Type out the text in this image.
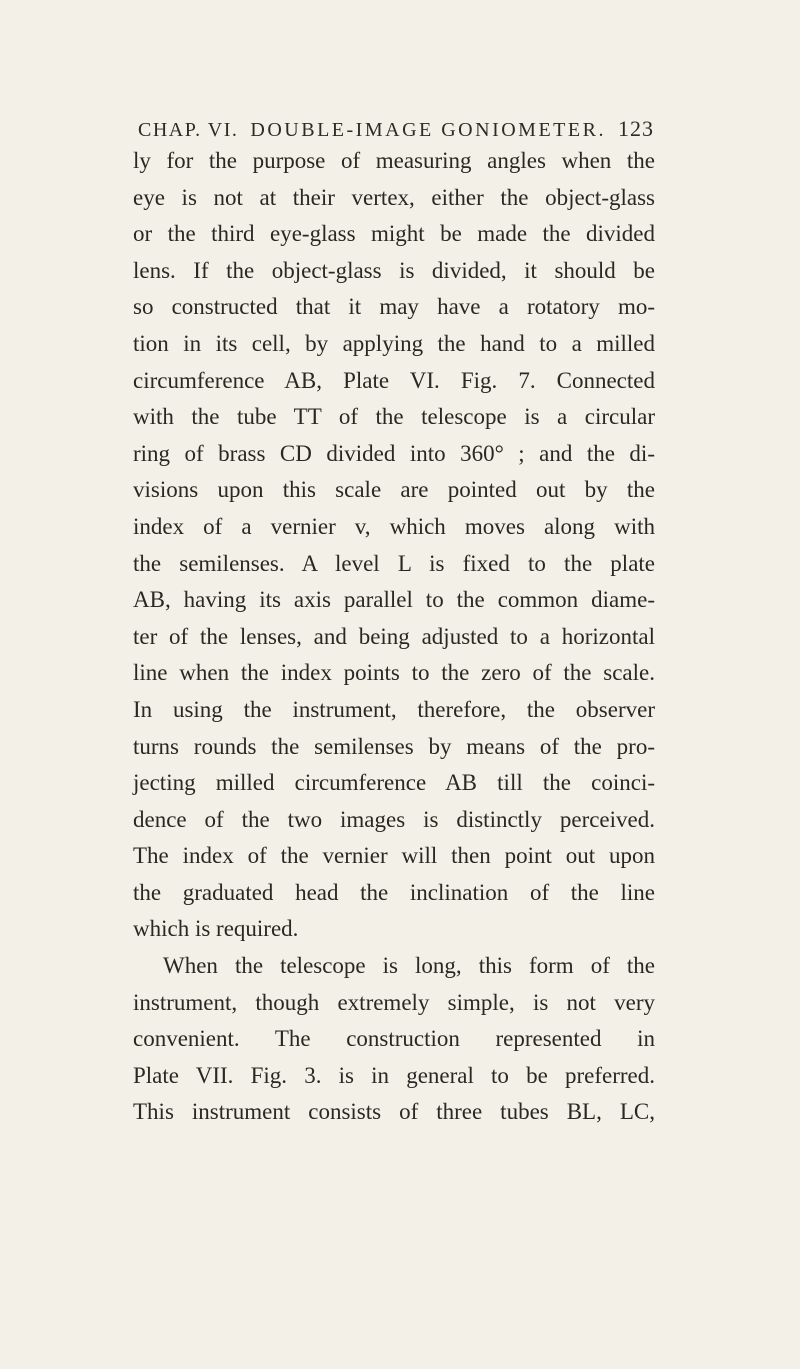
CHAP. VI. DOUBLE-IMAGE GONIOMETER. 123
ly for the purpose of measuring angles when the
eye is not at their vertex, either the object-glass
or the third eye-glass might be made the divided
lens. If the object-glass is divided, it should be
so constructed that it may have a rotatory mo-
tion in its cell, by applying the hand to a milled
circumference AB, Plate VI. Fig. 7. Connected
with the tube TT of the telescope is a circular
ring of brass CD divided into 360° ; and the di-
visions upon this scale are pointed out by the
index of a vernier v, which moves along with
the semilenses. A level L is fixed to the plate
AB, having its axis parallel to the common diame-
ter of the lenses, and being adjusted to a horizontal
line when the index points to the zero of the scale.
In using the instrument, therefore, the observer
turns rounds the semilenses by means of the pro-
jecting milled circumference AB till the coinci-
dence of the two images is distinctly perceived.
The index of the vernier will then point out upon
the graduated head the inclination of the line
which is required.
When the telescope is long, this form of the
instrument, though extremely simple, is not very
convenient. The construction represented in
Plate VII. Fig. 3. is in general to be preferred.
This instrument consists of three tubes BL, LC,
